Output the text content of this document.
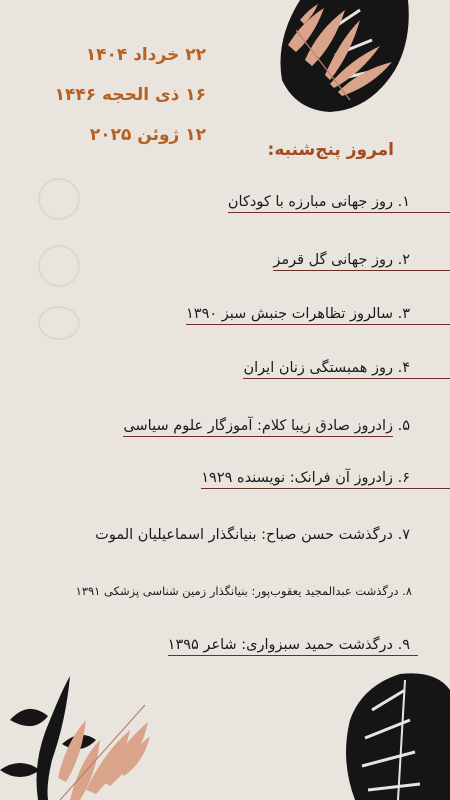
۲۲ خرداد ۱۴۰۴
۱۶ ذی الحجه ۱۴۴۶
۱۲ ژوئن ۲۰۲۵
امروز پنج‌شنبه:
۱. روز جهانی مبارزه با کودکان
۲. روز جهانی گل قرمز
۳. سالروز تظاهرات جنبش سبز ۱۳۹۰
۴. روز همبستگی زنان ایران
۵. زادروز صادق زیبا کلام: آموزگار علوم سیاسی
۶. زادروز آن فرانک: نویسنده ۱۹۲۹
۷. درگذشت حسن صباح: بنیانگذار اسماعیلیان الموت
۸. درگذشت عبدالمجید یعقوب‌پور: بنیانگذار زمین شناسی پزشکی ۱۳۹۱
۹. درگذشت حمید سبزواری: شاعر ۱۳۹۵
